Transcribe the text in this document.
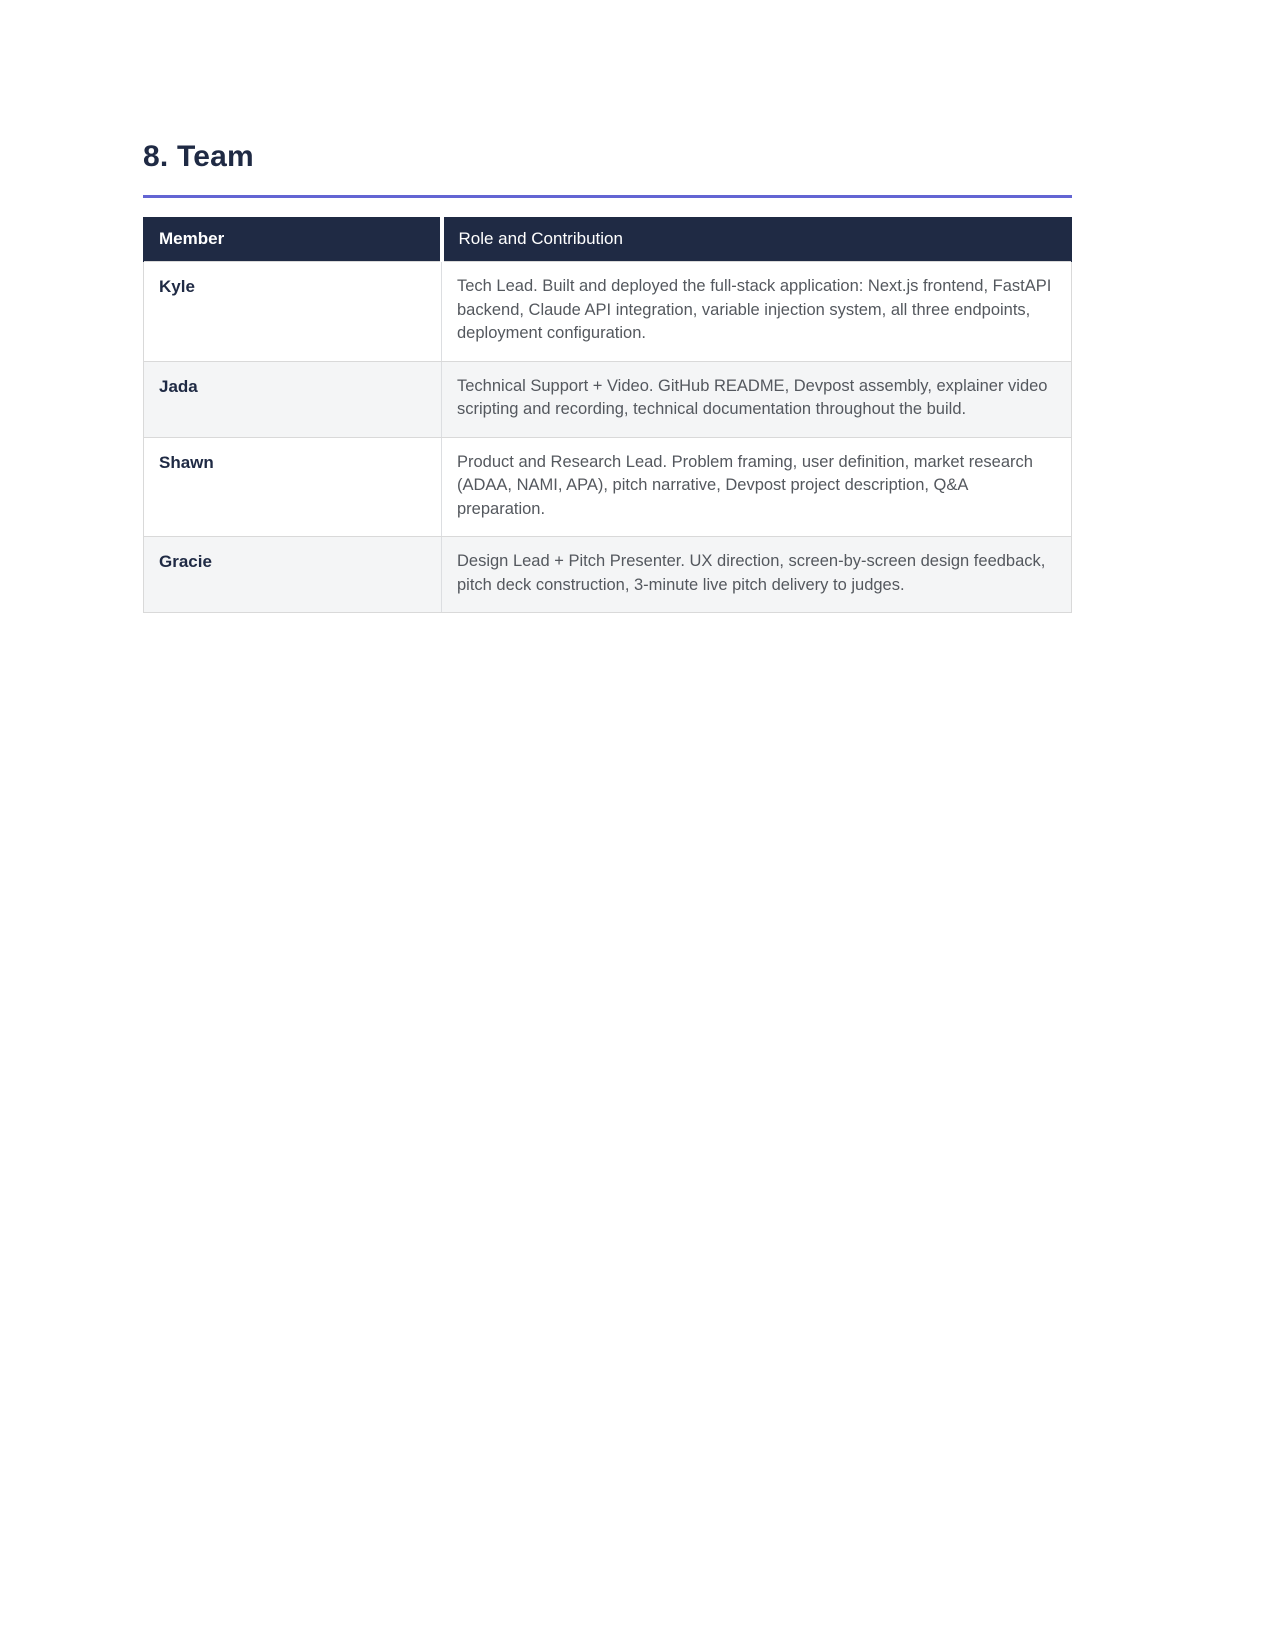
8. Team
Member	Role and Contribution
Kyle	Tech Lead. Built and deployed the full-stack application: Next.js frontend, FastAPI backend, Claude API integration, variable injection system, all three endpoints, deployment configuration.
Jada	Technical Support + Video. GitHub README, Devpost assembly, explainer video scripting and recording, technical documentation throughout the build.
Shawn	Product and Research Lead. Problem framing, user definition, market research (ADAA, NAMI, APA), pitch narrative, Devpost project description, Q&A preparation.
Gracie	Design Lead + Pitch Presenter. UX direction, screen-by-screen design feedback, pitch deck construction, 3-minute live pitch delivery to judges.
